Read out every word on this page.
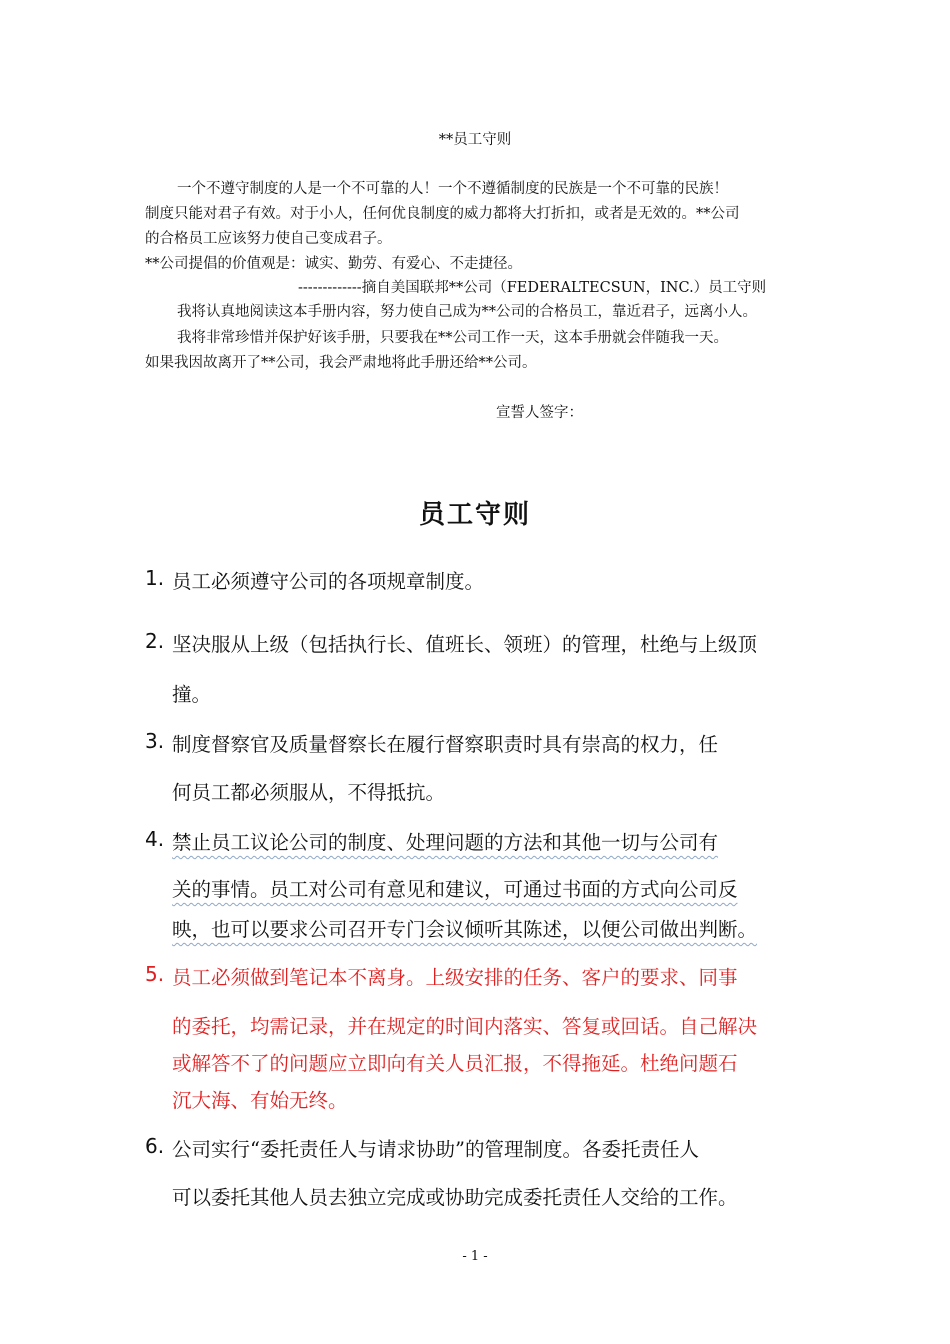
**员工守则
一个不遵守制度的人是一个不可靠的人！一个不遵循制度的民族是一个不可靠的民族！
制度只能对君子有效。对于小人，任何优良制度的威力都将大打折扣，或者是无效的。**公司
的合格员工应该努力使自己变成君子。
**公司提倡的价值观是：诚实、勤劳、有爱心、不走捷径。
-------------摘自美国联邦**公司（FEDERALTECSUN，INC.）员工守则
我将认真地阅读这本手册内容，努力使自己成为**公司的合格员工，靠近君子，远离小人。
我将非常珍惜并保护好该手册，只要我在**公司工作一天，这本手册就会伴随我一天。
如果我因故离开了**公司，我会严肃地将此手册还给**公司。
宣誓人签字：
员工守则
1. 员工必须遵守公司的各项规章制度。
2. 坚决服从上级（包括执行长、值班长、领班）的管理，杜绝与上级顶
撞。
3. 制度督察官及质量督察长在履行督察职责时具有崇高的权力，任
何员工都必须服从，不得抵抗。
4. 禁止员工议论公司的制度、处理问题的方法和其他一切与公司有
关的事情。员工对公司有意见和建议，可通过书面的方式向公司反
映，也可以要求公司召开专门会议倾听其陈述，以便公司做出判断。
5. 员工必须做到笔记本不离身。上级安排的任务、客户的要求、同事
的委托，均需记录，并在规定的时间内落实、答复或回话。自己解决
或解答不了的问题应立即向有关人员汇报，不得拖延。杜绝问题石
沉大海、有始无终。
6. 公司实行“委托责任人与请求协助”的管理制度。各委托责任人
可以委托其他人员去独立完成或协助完成委托责任人交给的工作。
- 1 -
